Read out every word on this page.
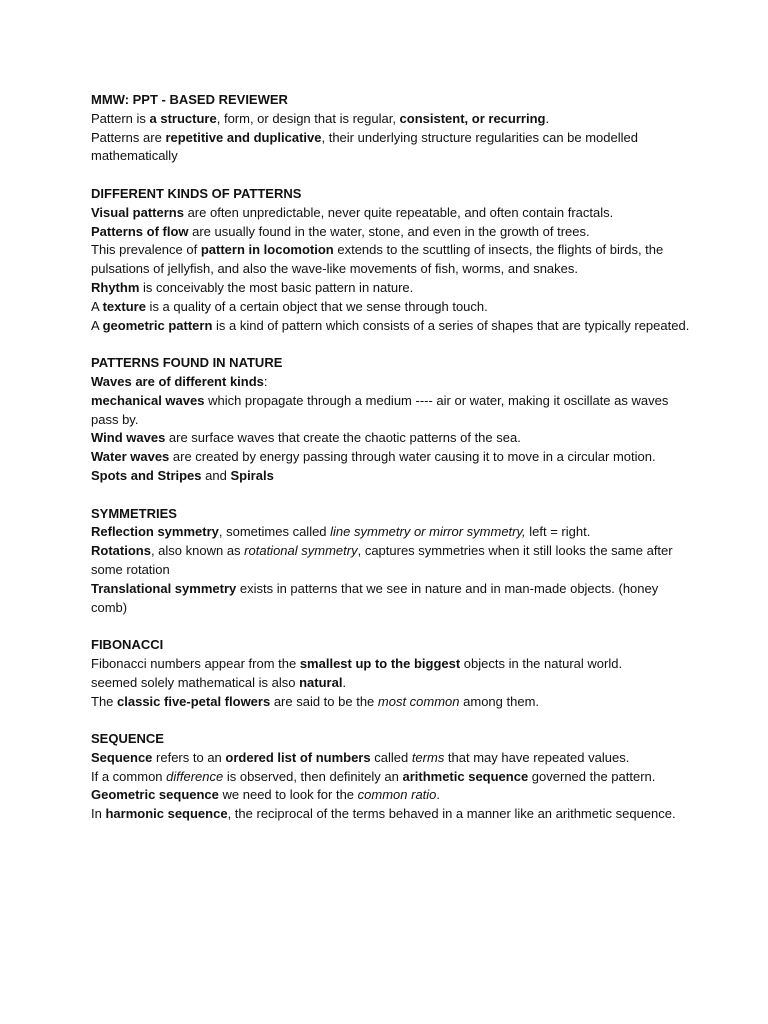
MMW: PPT - BASED REVIEWER
Pattern is a structure, form, or design that is regular, consistent, or recurring.
Patterns are repetitive and duplicative, their underlying structure regularities can be modelled mathematically
DIFFERENT KINDS OF PATTERNS
Visual patterns are often unpredictable, never quite repeatable, and often contain fractals.
Patterns of flow are usually found in the water, stone, and even in the growth of trees.
This prevalence of pattern in locomotion extends to the scuttling of insects, the flights of birds, the pulsations of jellyfish, and also the wave-like movements of fish, worms, and snakes.
Rhythm is conceivably the most basic pattern in nature.
A texture is a quality of a certain object that we sense through touch.
A geometric pattern is a kind of pattern which consists of a series of shapes that are typically repeated.
PATTERNS FOUND IN NATURE
Waves are of different kinds:
mechanical waves which propagate through a medium ---- air or water, making it oscillate as waves pass by.
Wind waves are surface waves that create the chaotic patterns of the sea.
Water waves are created by energy passing through water causing it to move in a circular motion.
Spots and Stripes and Spirals
SYMMETRIES
Reflection symmetry, sometimes called line symmetry or mirror symmetry, left = right.
Rotations, also known as rotational symmetry, captures symmetries when it still looks the same after some rotation
Translational symmetry exists in patterns that we see in nature and in man-made objects. (honey comb)
FIBONACCI
Fibonacci numbers appear from the smallest up to the biggest objects in the natural world.
seemed solely mathematical is also natural.
The classic five-petal flowers are said to be the most common among them.
SEQUENCE
Sequence refers to an ordered list of numbers called terms that may have repeated values.
If a common difference is observed, then definitely an arithmetic sequence governed the pattern.
Geometric sequence we need to look for the common ratio.
In harmonic sequence, the reciprocal of the terms behaved in a manner like an arithmetic sequence.
